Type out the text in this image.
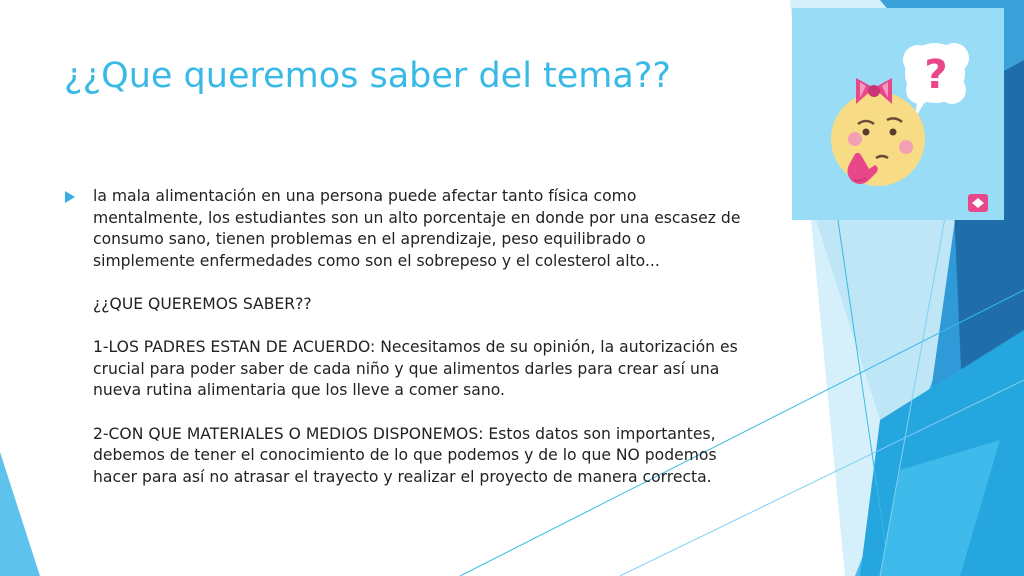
¿¿Que queremos saber del tema??

la mala alimentación en una persona puede afectar tanto física como
mentalmente, los estudiantes son un alto porcentaje en donde por una escasez de
consumo sano, tienen problemas en el aprendizaje, peso equilibrado o
simplemente enfermedades como son el sobrepeso y el colesterol alto...

¿¿QUE QUEREMOS SABER??

1-LOS PADRES ESTAN DE ACUERDO: Necesitamos de su opinión, la autorización es
crucial para poder saber de cada niño y que alimentos darles para crear así una
nueva rutina alimentaria que los lleve a comer sano.

2-CON QUE MATERIALES O MEDIOS DISPONEMOS: Estos datos son importantes,
debemos de tener el conocimiento de lo que podemos y de lo que NO podemos
hacer para así no atrasar el trayecto y realizar el proyecto de manera correcta.

?
